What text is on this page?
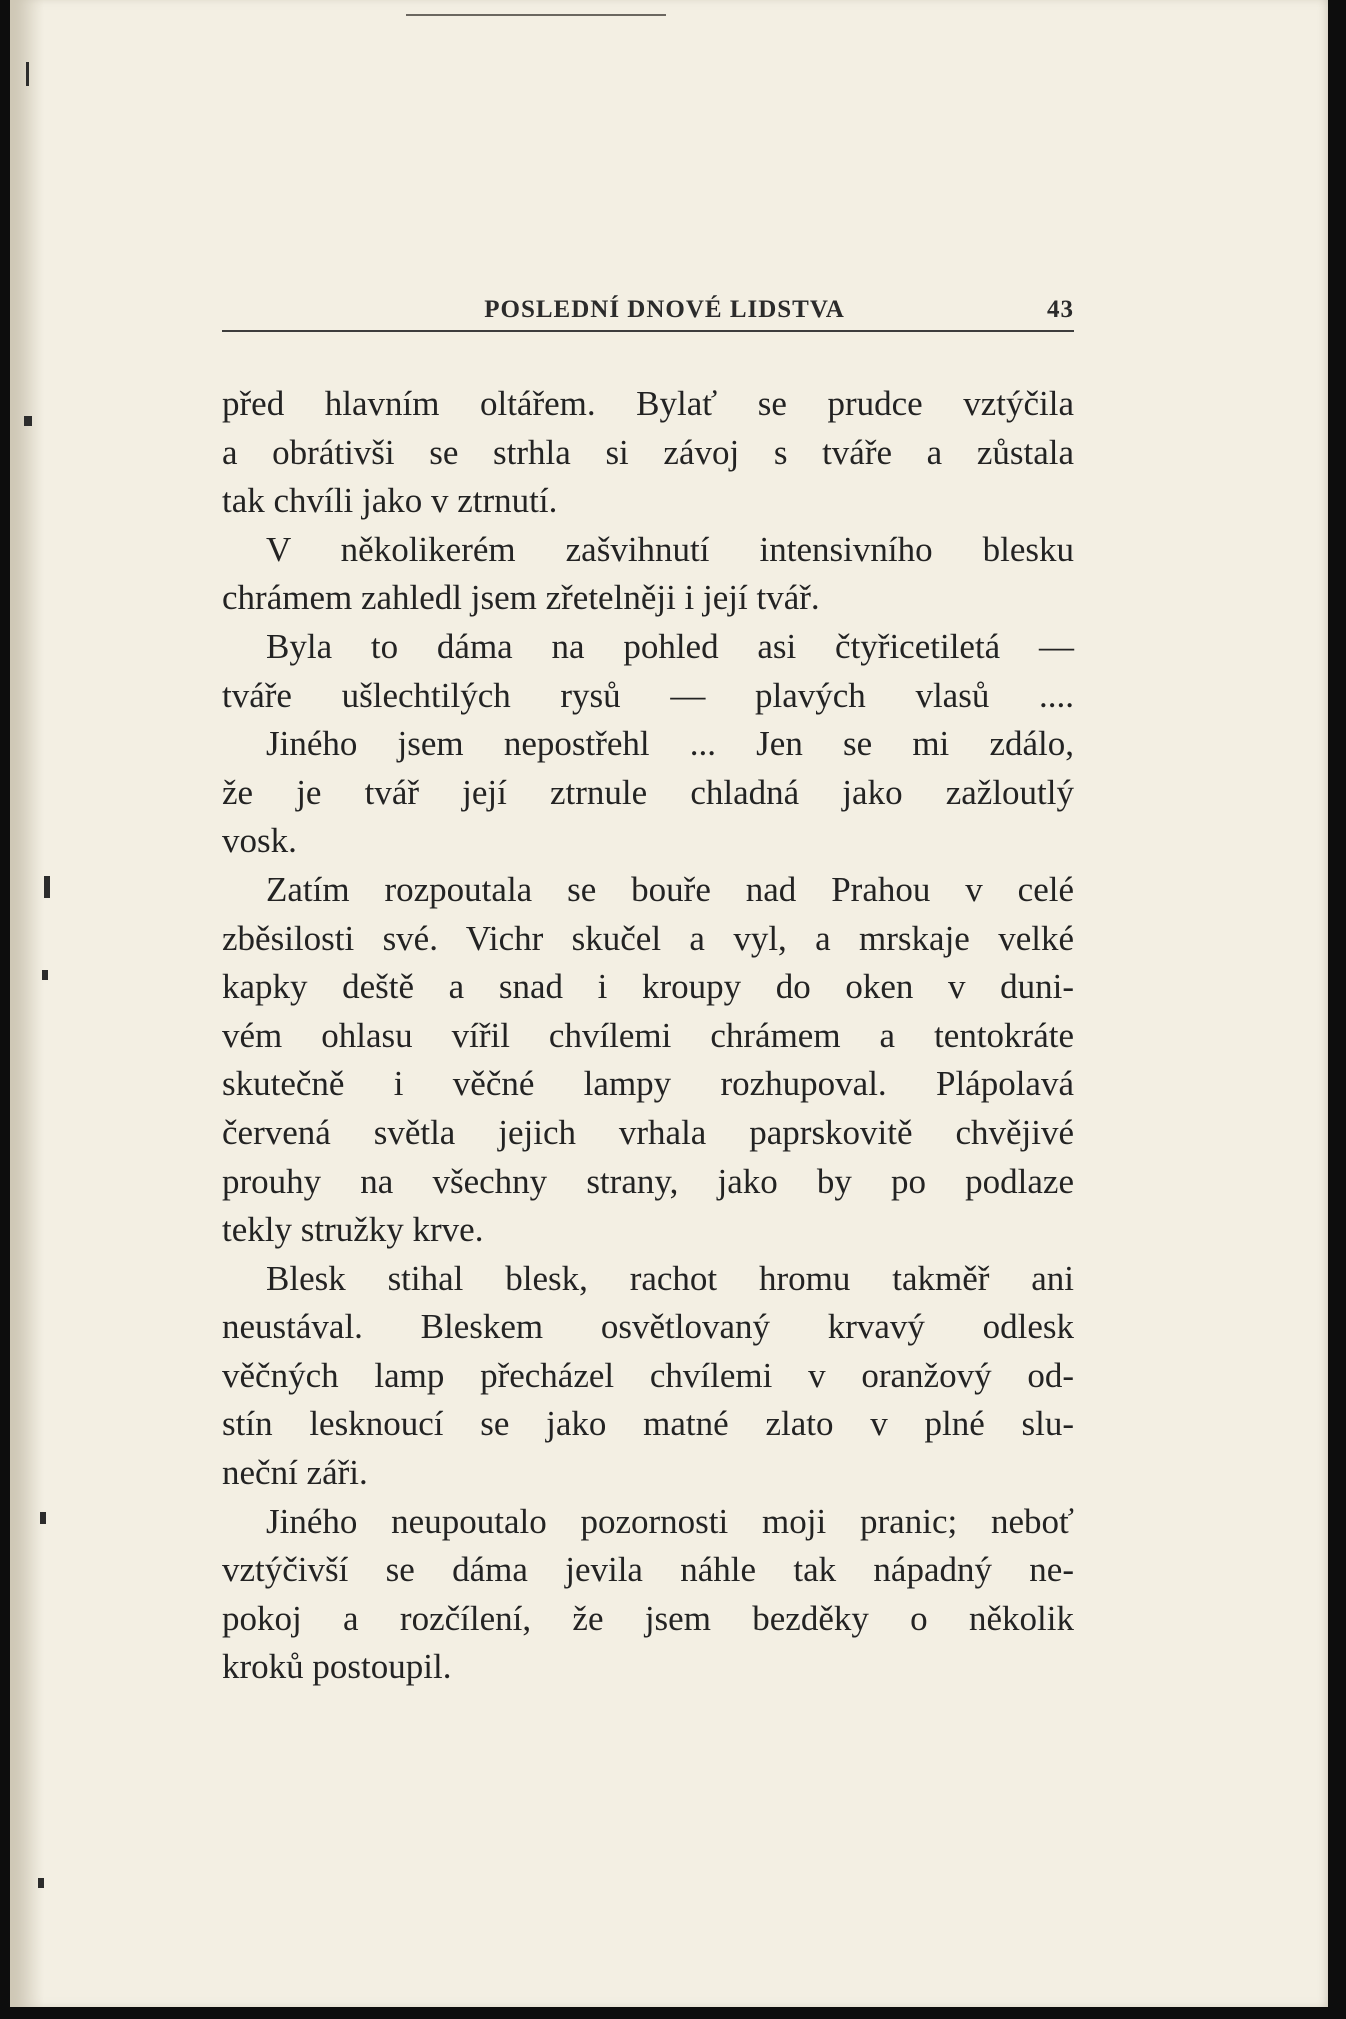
POSLEDNÍ DNOVÉ LIDSTVA	43
před hlavním oltářem. Bylať se prudce vztýčila
a obrátivši se strhla si závoj s tváře a zůstala
tak chvíli jako v ztrnutí.
V několikerém zašvihnutí intensivního blesku
chrámem zahledl jsem zřetelněji i její tvář.
Byla to dáma na pohled asi čtyřicetiletá —
tváře ušlechtilých rysů — plavých vlasů ....
Jiného jsem nepostřehl ... Jen se mi zdálo,
že je tvář její ztrnule chladná jako zažloutlý
vosk.
Zatím rozpoutala se bouře nad Prahou v celé
zběsilosti své. Vichr skučel a vyl, a mrskaje velké
kapky deště a snad i kroupy do oken v duni-
vém ohlasu vířil chvílemi chrámem a tentokráte
skutečně i věčné lampy rozhupoval. Plápolavá
červená světla jejich vrhala paprskovitě chvějivé
prouhy na všechny strany, jako by po podlaze
tekly stružky krve.
Blesk stihal blesk, rachot hromu takměř ani
neustával. Bleskem osvětlovaný krvavý odlesk
věčných lamp přecházel chvílemi v oranžový od-
stín lesknoucí se jako matné zlato v plné slu-
neční záři.
Jiného neupoutalo pozornosti moji pranic; neboť
vztýčivší se dáma jevila náhle tak nápadný ne-
pokoj a rozčílení, že jsem bezděky o několik
kroků postoupil.
